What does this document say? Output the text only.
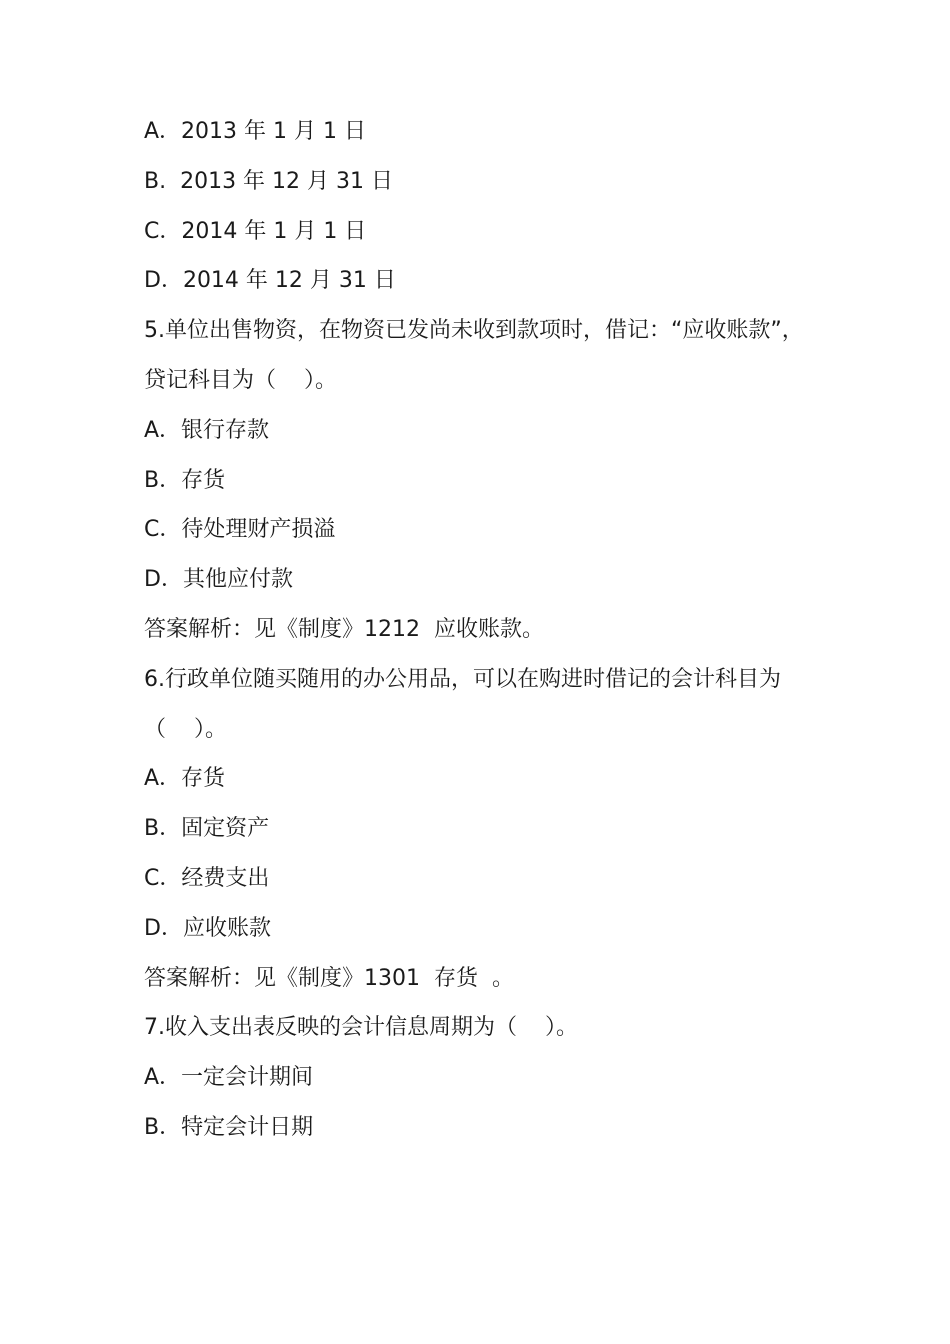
A．2013 年 1 月 1 日

B.  2013 年 12 月 31 日

C．2014 年 1 月 1 日

D．2014 年 12 月 31 日

5.单位出售物资，在物资已发尚未收到款项时，借记：“应收账款”，

贷记科目为（    ）。

A．银行存款

B．存货

C．待处理财产损溢

D．其他应付款

答案解析：见《制度》1212  应收账款。

6.行政单位随买随用的办公用品，可以在购进时借记的会计科目为

（    ）。

A．存货

B．固定资产

C．经费支出

D．应收账款

答案解析：见《制度》1301  存货  。

7.收入支出表反映的会计信息周期为（    ）。

A．一定会计期间

B．特定会计日期
